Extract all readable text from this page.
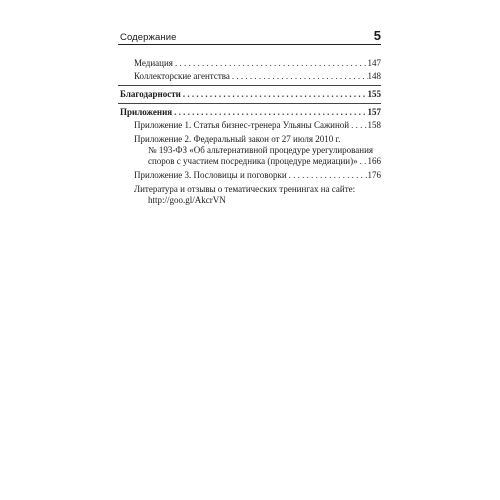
Содержание	5
Медиация . . .	147
Коллекторские агентства . . .	148
Благодарности . . .	155
Приложения . . .	157
Приложение 1. Статья бизнес-тренера Ульяны Сажиной . . . 158
Приложение 2. Федеральный закон от 27 июля 2010 г.
№ 193-ФЗ «Об альтернативной процедуре урегулирования
споров с участием посредника (процедуре медиации)» . . . 166
Приложение 3. Пословицы и поговорки . . .	176
Литература и отзывы о тематических тренингах на сайте:
http://goo.gl/AkcrVN
